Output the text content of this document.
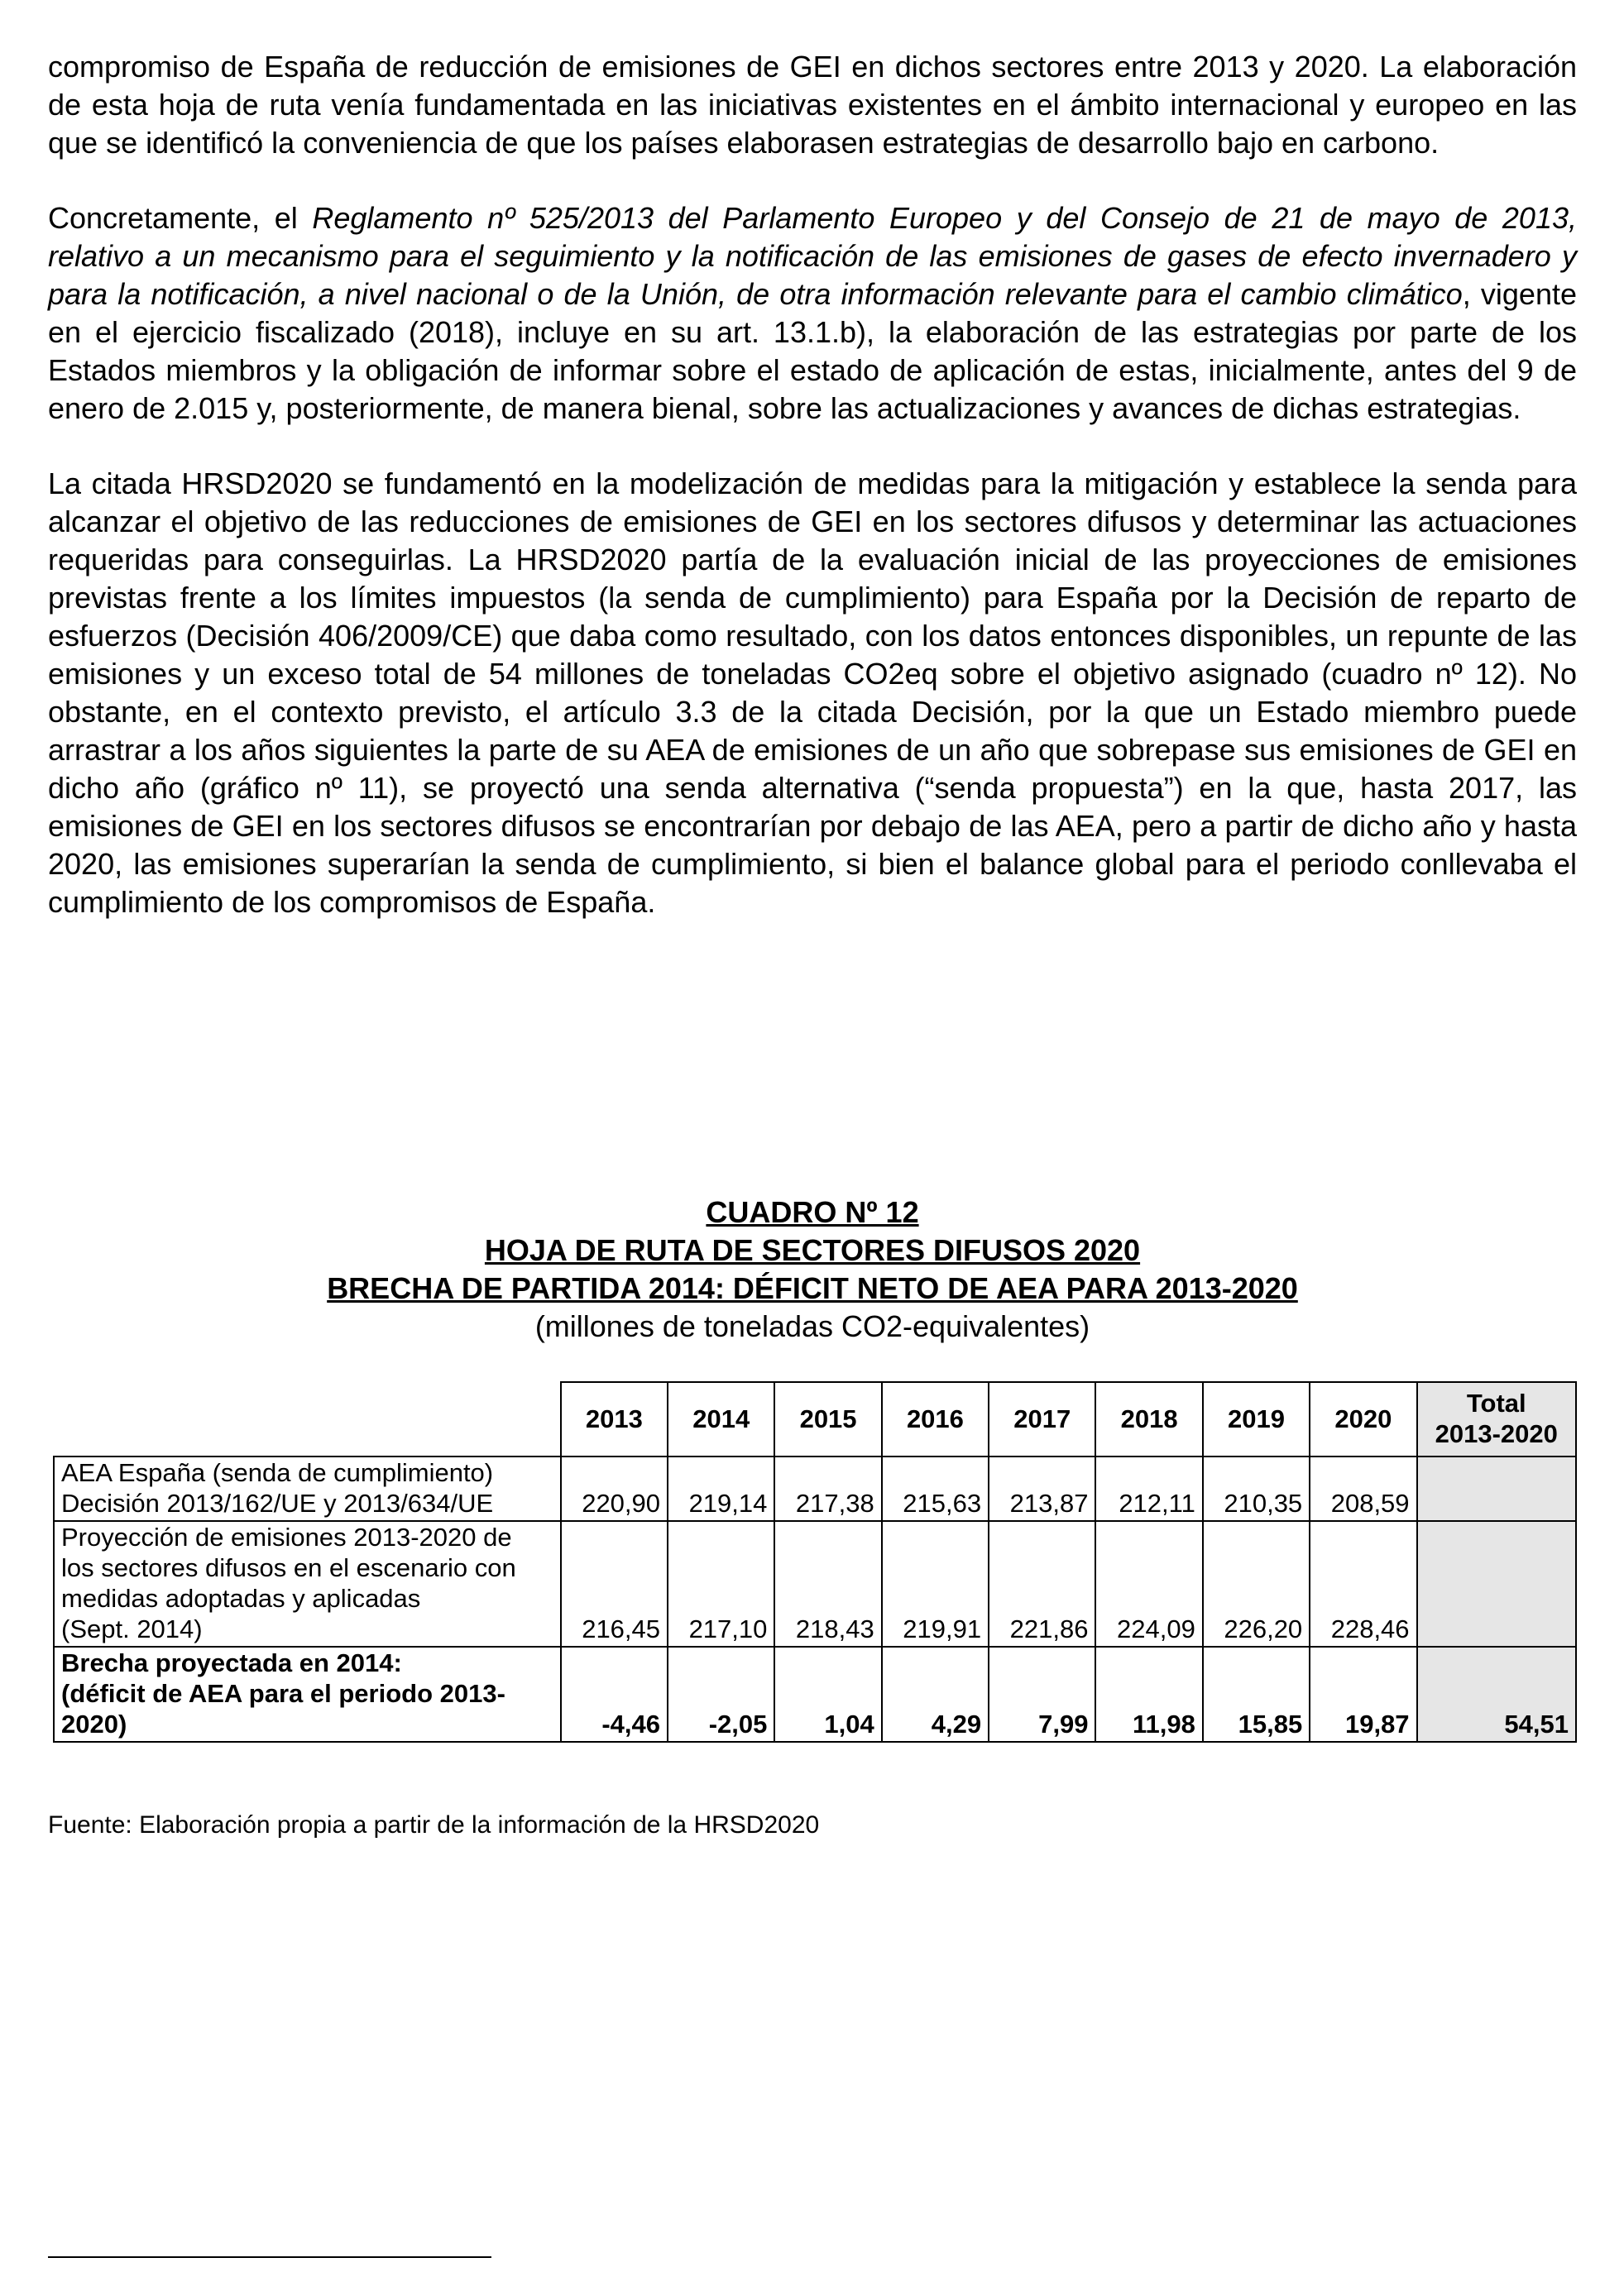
compromiso de España de reducción de emisiones de GEI en dichos sectores entre 2013 y 2020. La elaboración de esta hoja de ruta venía fundamentada en las iniciativas existentes en el ámbito internacional y europeo en las que se identificó la conveniencia de que los países elaborasen estrategias de desarrollo bajo en carbono.

Concretamente, el Reglamento nº 525/2013 del Parlamento Europeo y del Consejo de 21 de mayo de 2013, relativo a un mecanismo para el seguimiento y la notificación de las emisiones de gases de efecto invernadero y para la notificación, a nivel nacional o de la Unión, de otra información relevante para el cambio climático, vigente en el ejercicio fiscalizado (2018), incluye en su art. 13.1.b), la elaboración de las estrategias por parte de los Estados miembros y la obligación de informar sobre el estado de aplicación de estas, inicialmente, antes del 9 de enero de 2.015 y, posteriormente, de manera bienal, sobre las actualizaciones y avances de dichas estrategias.

La citada HRSD2020 se fundamentó en la modelización de medidas para la mitigación y establece la senda para alcanzar el objetivo de las reducciones de emisiones de GEI en los sectores difusos y determinar las actuaciones requeridas para conseguirlas. La HRSD2020 partía de la evaluación inicial de las proyecciones de emisiones previstas frente a los límites impuestos (la senda de cumplimiento) para España por la Decisión de reparto de esfuerzos (Decisión 406/2009/CE) que daba como resultado, con los datos entonces disponibles, un repunte de las emisiones y un exceso total de 54 millones de toneladas CO2eq sobre el objetivo asignado (cuadro nº 12). No obstante, en el contexto previsto, el artículo 3.3 de la citada Decisión, por la que un Estado miembro puede arrastrar a los años siguientes la parte de su AEA de emisiones de un año que sobrepase sus emisiones de GEI en dicho año (gráfico nº 11), se proyectó una senda alternativa (“senda propuesta”) en la que, hasta 2017, las emisiones de GEI en los sectores difusos se encontrarían por debajo de las AEA, pero a partir de dicho año y hasta 2020, las emisiones superarían la senda de cumplimiento, si bien el balance global para el periodo conllevaba el cumplimiento de los compromisos de España.

CUADRO Nº 12
HOJA DE RUTA DE SECTORES DIFUSOS 2020
BRECHA DE PARTIDA 2014: DÉFICIT NETO DE AEA PARA 2013-2020
(millones de toneladas CO2-equivalentes)
	2013	2014	2015	2016	2017	2018	2019	2020	Total
2013-2020
AEA España (senda de cumplimiento)
Decisión 2013/162/UE y 2013/634/UE	220,90	219,14	217,38	215,63	213,87	212,11	210,35	208,59	
Proyección de emisiones 2013-2020 de
los sectores difusos en el escenario con
medidas adoptadas y aplicadas
(Sept. 2014)	216,45	217,10	218,43	219,91	221,86	224,09	226,20	228,46	
Brecha proyectada en 2014:
(déficit de AEA para el periodo 2013-
2020)	-4,46	-2,05	1,04	4,29	7,99	11,98	15,85	19,87	54,51
Fuente: Elaboración propia a partir de la información de la HRSD2020
